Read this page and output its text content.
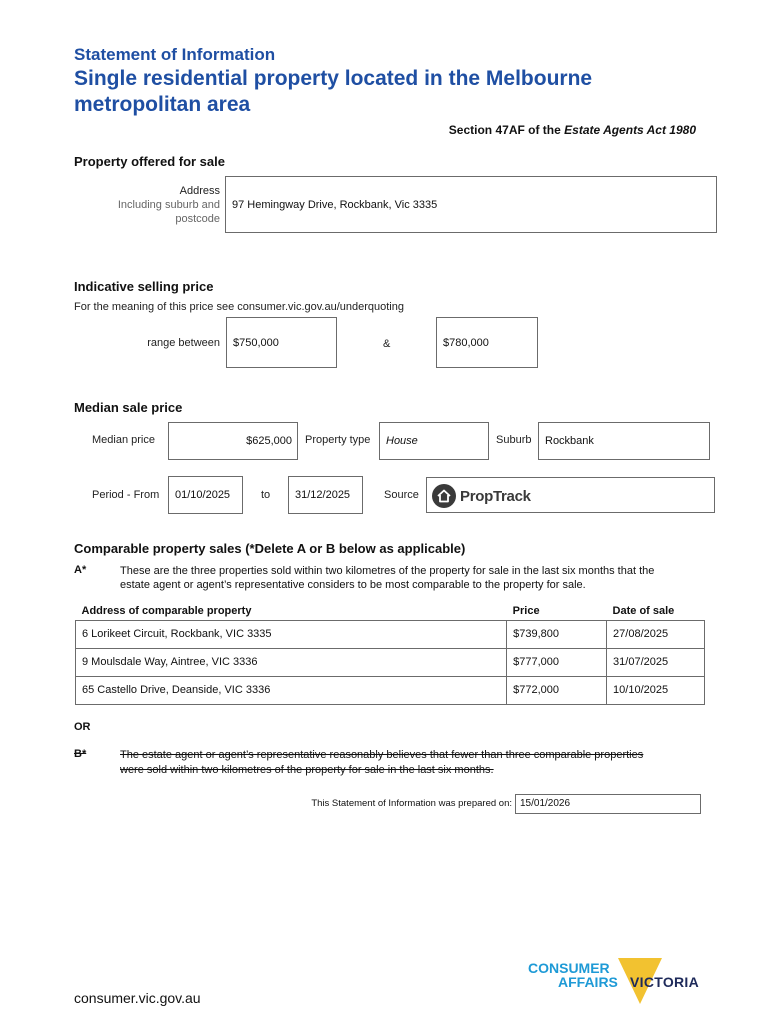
Statement of Information
Single residential property located in the Melbourne
metropolitan area
Section 47AF of the Estate Agents Act 1980
Property offered for sale
Address
Including suburb and
postcode
97 Hemingway Drive, Rockbank, Vic 3335
Indicative selling price
For the meaning of this price see consumer.vic.gov.au/underquoting
range between $750,000	&	$780,000
Median sale price
Median price	$625,000 Property type House	Suburb Rockbank
Period - From 01/10/2025	to 31/12/2025	Source	PropTrack
Comparable property sales (*Delete A or B below as applicable)
A*	These are the three properties sold within two kilometres of the property for sale in the last six months that the
estate agent or agent’s representative considers to be most comparable to the property for sale.
Address of comparable property	Price	Date of sale
6 Lorikeet Circuit, Rockbank, VIC 3335	$739,800	27/08/2025
9 Moulsdale Way, Aintree, VIC 3336	$777,000	31/07/2025
65 Castello Drive, Deanside, VIC 3336	$772,000	10/10/2025
OR
B*	The estate agent or agent’s representative reasonably believes that fewer than three comparable properties
were sold within two kilometres of the property for sale in the last six months.
This Statement of Information was prepared on: 15/01/2026
consumer.vic.gov.au
CONSUMER
AFFAIRS VICTORIA
